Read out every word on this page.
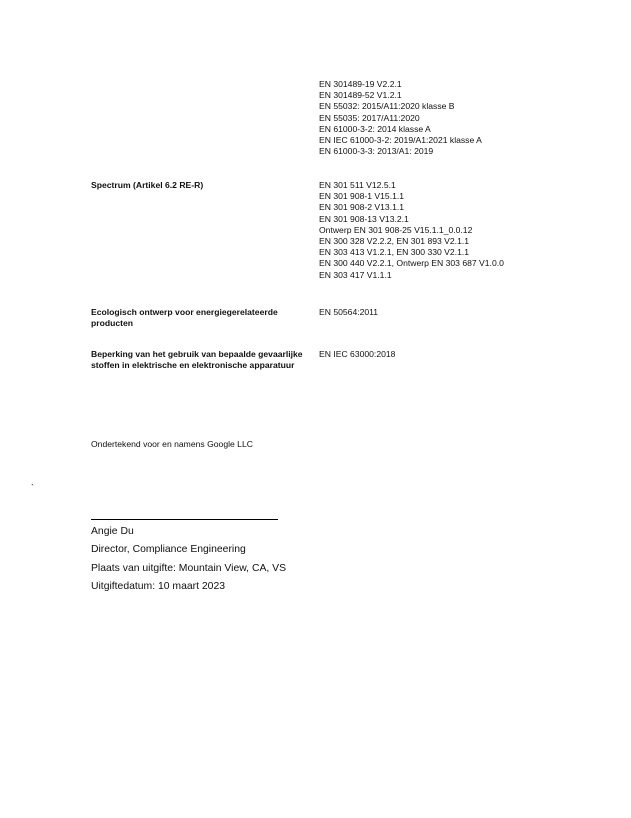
EN 301489-19 V2.2.1
EN 301489-52 V1.2.1
EN 55032: 2015/A11:2020 klasse B
EN 55035: 2017/A11:2020
EN 61000-3-2: 2014 klasse A
EN IEC 61000-3-2: 2019/A1:2021 klasse A
EN 61000-3-3: 2013/A1: 2019
Spectrum (Artikel 6.2 RE-R)	EN 301 511 V12.5.1
EN 301 908-1 V15.1.1
EN 301 908-2 V13.1.1
EN 301 908-13 V13.2.1
Ontwerp EN 301 908-25 V15.1.1_0.0.12
EN 300 328 V2.2.2, EN 301 893 V2.1.1
EN 303 413 V1.2.1, EN 300 330 V2.1.1
EN 300 440 V2.2.1, Ontwerp EN 303 687 V1.0.0
EN 303 417 V1.1.1
Ecologisch ontwerp voor energiegerelateerde producten
EN 50564:2011
Beperking van het gebruik van bepaalde gevaarlijke stoffen in elektrische en elektronische apparatuur
EN IEC 63000:2018
Ondertekend voor en namens Google LLC
`
Angie Du
Director, Compliance Engineering
Plaats van uitgifte: Mountain View, CA, VS
Uitgiftedatum: 10 maart 2023
